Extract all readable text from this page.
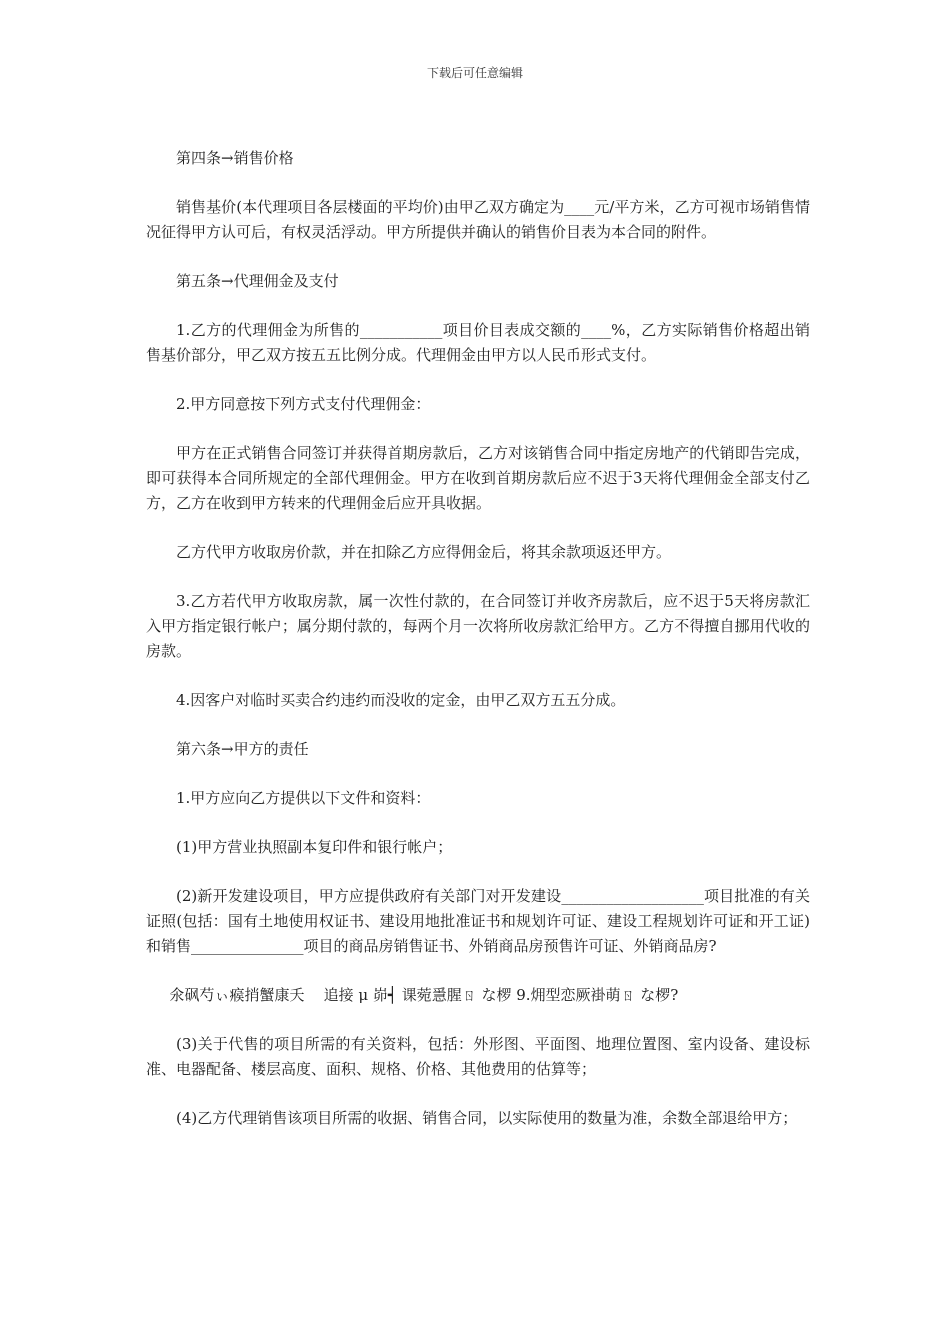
下载后可任意编辑

第四条→销售价格

销售基价(本代理项目各层楼面的平均价)由甲乙双方确定为____元/平方米，乙方可视市场销售情况征得甲方认可后，有权灵活浮动。甲方所提供并确认的销售价目表为本合同的附件。

第五条→代理佣金及支付

1.乙方的代理佣金为所售的___________项目价目表成交额的____%，乙方实际销售价格超出销售基价部分，甲乙双方按五五比例分成。代理佣金由甲方以人民币形式支付。

2.甲方同意按下列方式支付代理佣金：

甲方在正式销售合同签订并获得首期房款后，乙方对该销售合同中指定房地产的代销即告完成，即可获得本合同所规定的全部代理佣金。甲方在收到首期房款后应不迟于3天将代理佣金全部支付乙方，乙方在收到甲方转来的代理佣金后应开具收据。

乙方代甲方收取房价款，并在扣除乙方应得佣金后，将其余款项返还甲方。

3.乙方若代甲方收取房款，属一次性付款的，在合同签订并收齐房款后，应不迟于5天将房款汇入甲方指定银行帐户；属分期付款的，每两个月一次将所收房款汇给甲方。乙方不得擅自挪用代收的房款。

4.因客户对临时买卖合约违约而没收的定金，由甲乙双方五五分成。

第六条→甲方的责任

1.甲方应向乙方提供以下文件和资料：

(1)甲方营业执照副本复印件和银行帐户；

(2)新开发建设项目，甲方应提供政府有关部门对开发建设___________________项目批准的有关证照(包括：国有土地使用权证书、建设用地批准证书和规划许可证、建设工程规划许可证和开工证)和销售_______________项目的商品房销售证书、外销商品房预售许可证、外销商品房?

氽砜芍ぃ瘊捎蟹康夭    追接 μ 峁┥ 课菀㥯腥ㄖ な椤 9.㶲型恋厥褂萌ㄖ な椤?

(3)关于代售的项目所需的有关资料，包括：外形图、平面图、地理位置图、室内设备、建设标准、电器配备、楼层高度、面积、规格、价格、其他费用的估算等；

(4)乙方代理销售该项目所需的收据、销售合同，以实际使用的数量为准，余数全部退给甲方；
